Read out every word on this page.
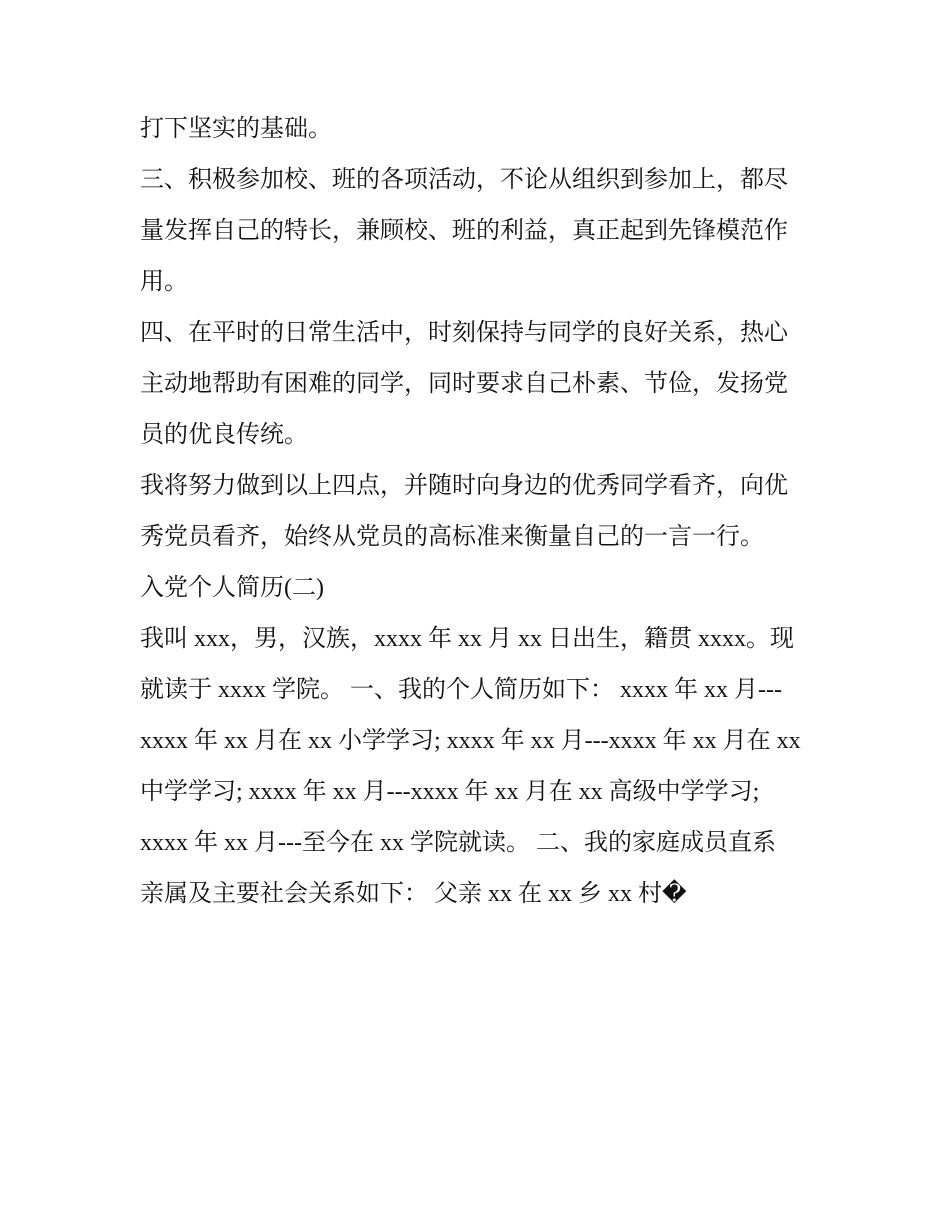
打下坚实的基础。
三、积极参加校、班的各项活动，不论从组织到参加上，都尽
量发挥自己的特长，兼顾校、班的利益，真正起到先锋模范作
用。
四、在平时的日常生活中，时刻保持与同学的良好关系，热心
主动地帮助有困难的同学，同时要求自己朴素、节俭，发扬党
员的优良传统。
我将努力做到以上四点，并随时向身边的优秀同学看齐，向优
秀党员看齐，始终从党员的高标准来衡量自己的一言一行。
入党个人简历(二)
我叫 xxx，男，汉族，xxxx 年 xx 月 xx 日出生，籍贯 xxxx。现
就读于 xxxx 学院。 一、我的个人简历如下： xxxx 年 xx 月---
xxxx 年 xx 月在 xx 小学学习; xxxx 年 xx 月---xxxx 年 xx 月在 xx
中学学习; xxxx 年 xx 月---xxxx 年 xx 月在 xx 高级中学学习;
xxxx 年 xx 月---至今在 xx 学院就读。 二、我的家庭成员直系
亲属及主要社会关系如下： 父亲 xx 在 xx 乡 xx 村�
